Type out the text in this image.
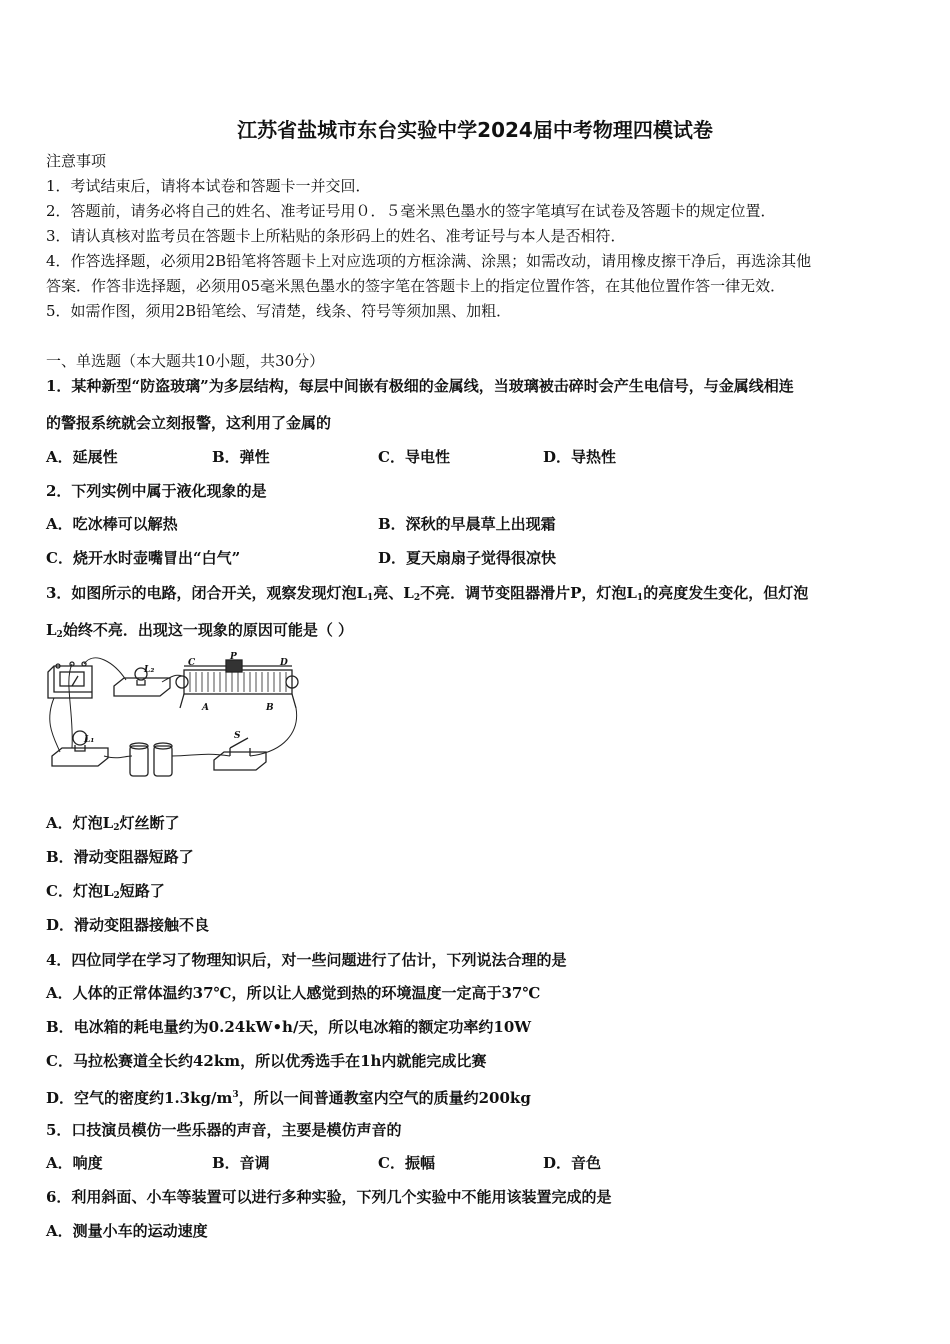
江苏省盐城市东台实验中学2024届中考物理四模试卷
注意事项
1．考试结束后，请将本试卷和答题卡一并交回．
2．答题前，请务必将自己的姓名、准考证号用０．５毫米黑色墨水的签字笔填写在试卷及答题卡的规定位置．
3．请认真核对监考员在答题卡上所粘贴的条形码上的姓名、准考证号与本人是否相符．
4．作答选择题，必须用2B铅笔将答题卡上对应选项的方框涂满、涂黑；如需改动，请用橡皮擦干净后，再选涂其他
答案．作答非选择题，必须用05毫米黑色墨水的签字笔在答题卡上的指定位置作答，在其他位置作答一律无效．
5．如需作图，须用2B铅笔绘、写清楚，线条、符号等须加黑、加粗．
一、单选题（本大题共10小题，共30分）
1．某种新型“防盗玻璃”为多层结构，每层中间嵌有极细的金属线，当玻璃被击碎时会产生电信号，与金属线相连
的警报系统就会立刻报警，这利用了金属的
A．延展性	B．弹性	C．导电性	D．导热性
2．下列实例中属于液化现象的是
A．吃冰棒可以解热	B．深秋的早晨草上出现霜
C．烧开水时壶嘴冒出“白气”	D．夏天扇扇子觉得很凉快
3．如图所示的电路，闭合开关，观察发现灯泡$L_1$亮、$L_2$不亮．调节变阻器滑片P，灯泡$L_1$的亮度发生变化，但灯泡
$L_2$始终不亮．出现这一现象的原因可能是（ ）
L₂
L₁
C
P
D
A	B
S
A．灯泡$L_2$灯丝断了
B．滑动变阻器短路了
C．灯泡$L_2$短路了
D．滑动变阻器接触不良
4．四位同学在学习了物理知识后，对一些问题进行了估计，下列说法合理的是
A．人体的正常体温约37℃，所以让人感觉到热的环境温度一定高于37℃
B．电冰箱的耗电量约为0.24kW•h/天，所以电冰箱的额定功率约10W
C．马拉松赛道全长约42km，所以优秀选手在1h内就能完成比赛
D．空气的密度约$1.3kg/m^3$，所以一间普通教室内空气的质量约200kg
5．口技演员模仿一些乐器的声音，主要是模仿声音的
A．响度	B．音调	C．振幅	D．音色
6．利用斜面、小车等装置可以进行多种实验，下列几个实验中不能用该装置完成的是
A．测量小车的运动速度
